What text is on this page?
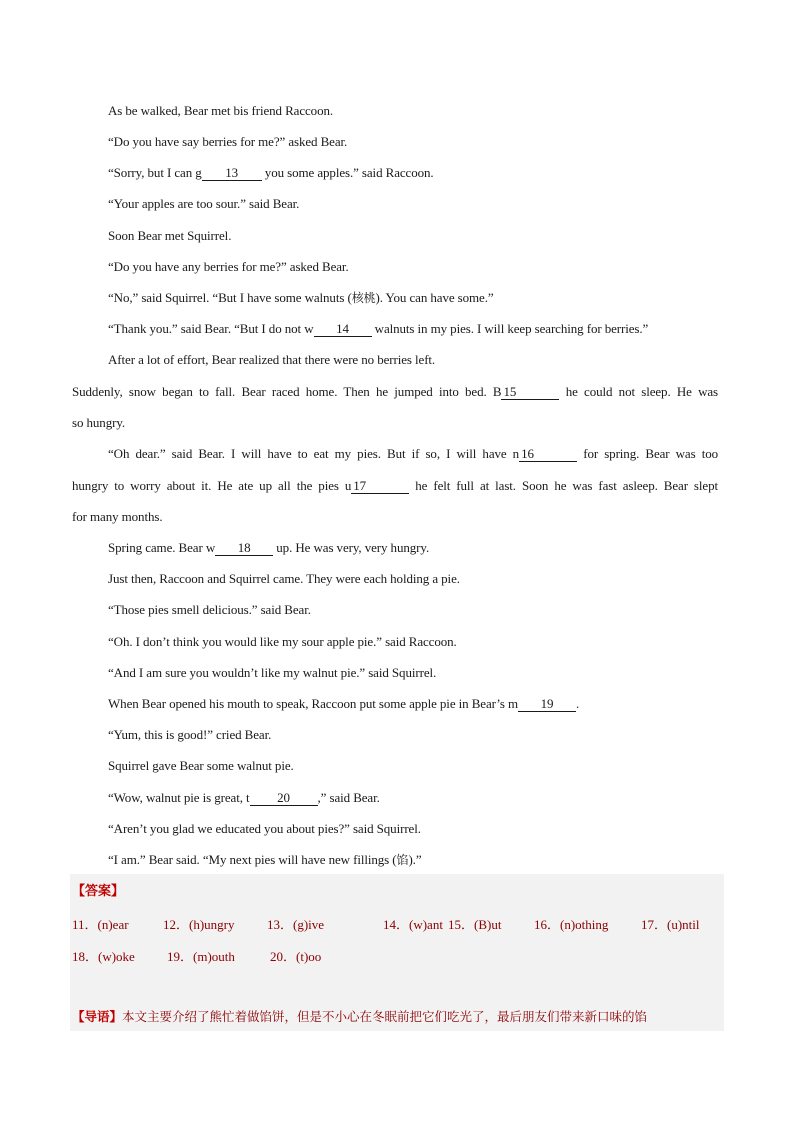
As be walked, Bear met bis friend Raccoon.
“Do you have say berries for me?” asked Bear.
“Sorry, but I can g 13 you some apples.” said Raccoon.
“Your apples are too sour.” said Bear.
Soon Bear met Squirrel.
“Do you have any berries for me?” asked Bear.
“No,” said Squirrel. “But I have some walnuts (核桃). You can have some.”
“Thank you.” said Bear. “But I do not w 14 walnuts in my pies. I will keep searching for berries.”
After a lot of effort, Bear realized that there were no berries left.
Suddenly, snow began to fall. Bear raced home. Then he jumped into bed. B 15	he could not sleep. He was
so hungry.
“Oh dear.” said Bear. I will have to eat my pies. But if so, I will have n 16	for spring. Bear was too
hungry to worry about it. He ate up all the pies u 17	he felt full at last. Soon he was fast asleep. Bear slept
for many months.
Spring came. Bear w 18 up. He was very, very hungry.
Just then, Raccoon and Squirrel came. They were each holding a pie.
“Those pies smell delicious.” said Bear.
“Oh. I don’t think you would like my sour apple pie.” said Raccoon.
“And I am sure you wouldn’t like my walnut pie.” said Squirrel.
When Bear opened his mouth to speak, Raccoon put some apple pie in Bear’s m 19 .
“Yum, this is good!” cried Bear.
Squirrel gave Bear some walnut pie.
“Wow, walnut pie is great, t 20 ,” said Bear.
“Aren’t you glad we educated you about pies?” said Squirrel.
“I am.” Bear said. “My next pies will have new fillings (馅).”
【答案】
11．(n)ear	12．(h)ungry	13．(g)ive	14．(w)ant 15．(B)ut	16．(n)othing	17．(u)ntil
18．(w)oke 19．(m)outh	20．(t)oo
【导语】本文主要介绍了熊忙着做馅饼，但是不小心在冬眠前把它们吃光了，最后朋友们带来新口味的馅
